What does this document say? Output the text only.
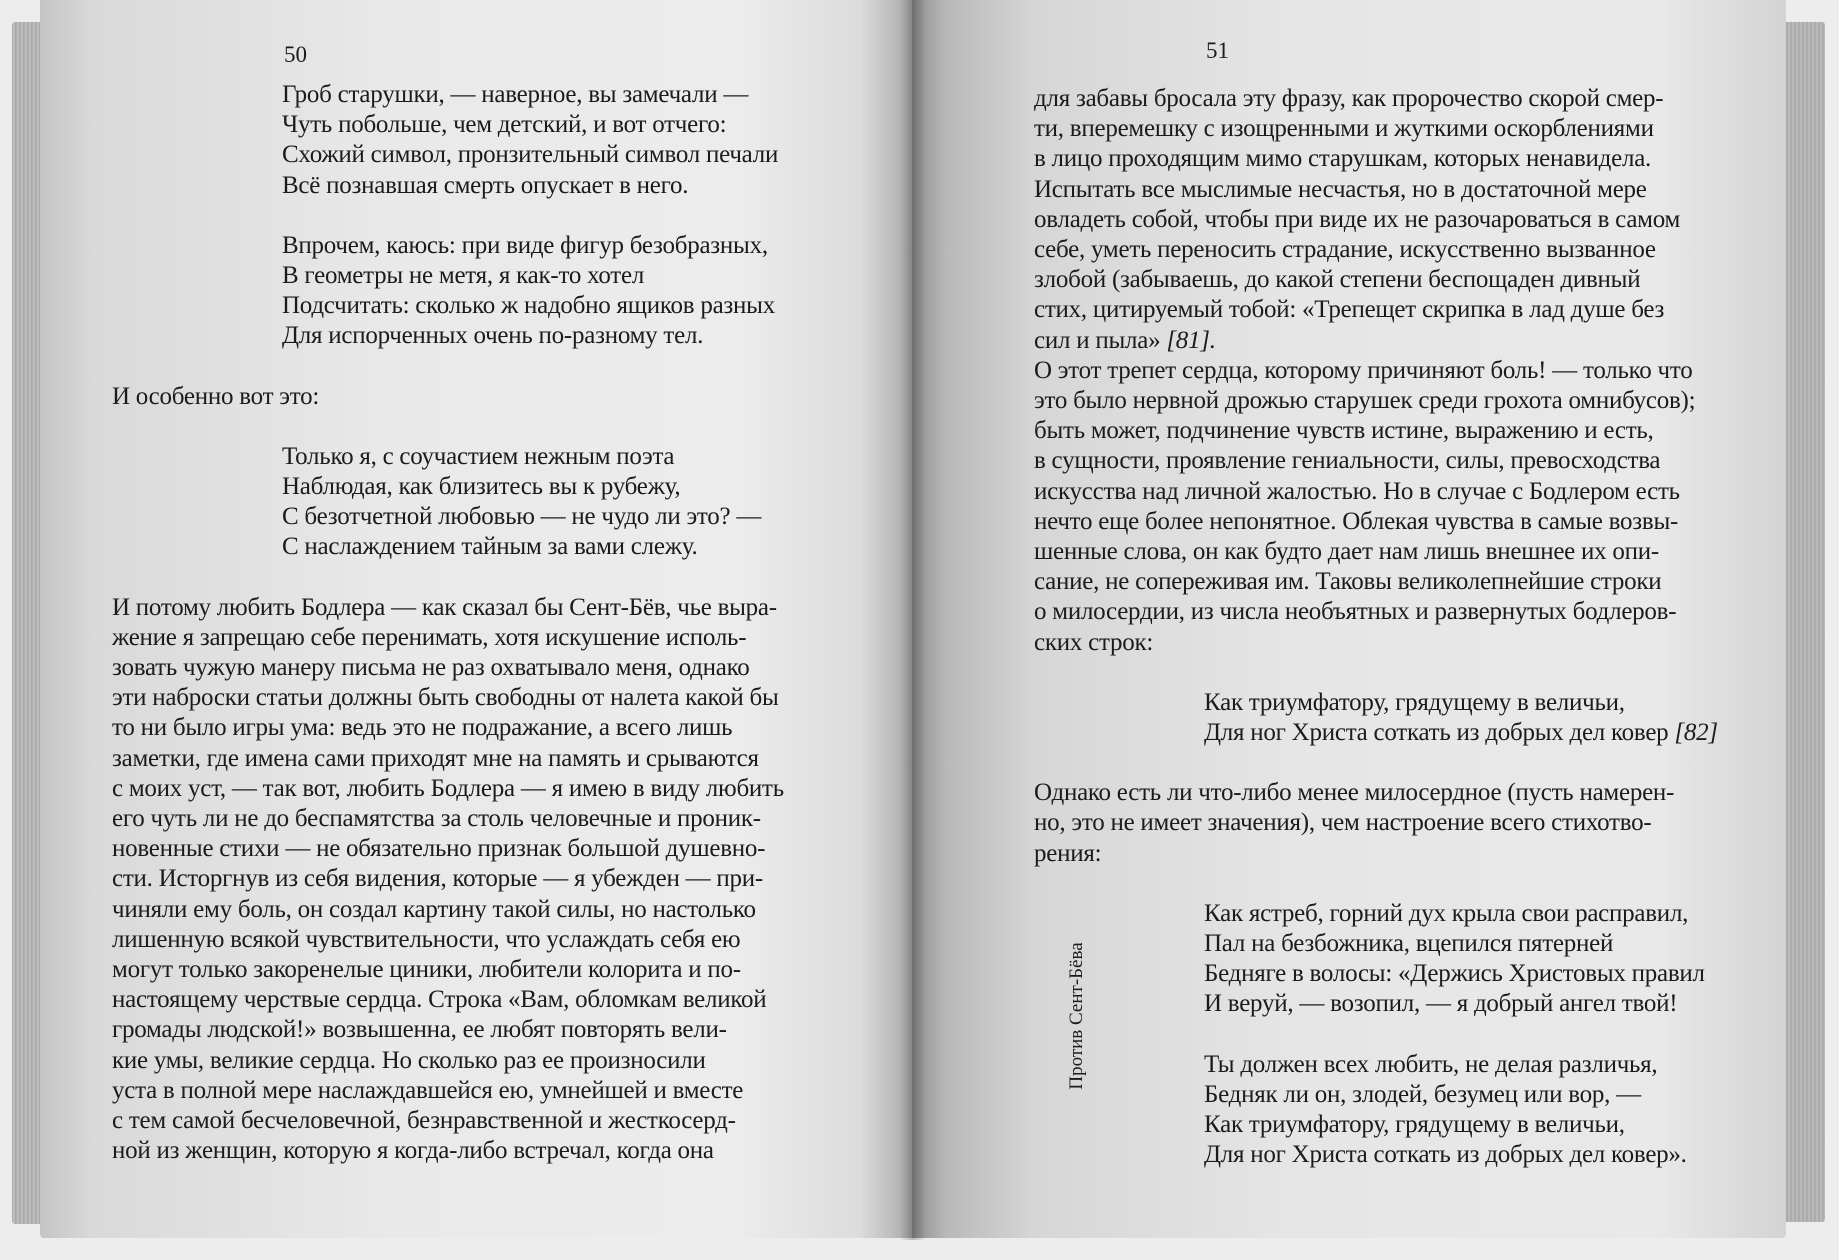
50

Гроб старушки, — наверное, вы замечали —

Чуть побольше, чем детский, и вот отчего:

Схожий символ, пронзительный символ печали

Всё познавшая смерть опускает в него.

Впрочем, каюсь: при виде фигур безобразных,

В геометры не метя, я как-то хотел

Подсчитать: сколько ж надобно ящиков разных

Для испорченных очень по-разному тел.

И особенно вот это:

Только я, с соучастием нежным поэта

Наблюдая, как близитесь вы к рубежу,

С безотчетной любовью — не чудо ли это? —

С наслаждением тайным за вами слежу.

И потому любить Бодлера — как сказал бы Сент-Бёв, чье выра-

жение я запрещаю себе перенимать, хотя искушение исполь-

зовать чужую манеру письма не раз охватывало меня, однако

эти наброски статьи должны быть свободны от налета какой бы

то ни было игры ума: ведь это не подражание, а всего лишь

заметки, где имена сами приходят мне на память и срываются

с моих уст, — так вот, любить Бодлера — я имею в виду любить

его чуть ли не до беспамятства за столь человечные и проник-

новенные стихи — не обязательно признак большой душевно-

сти. Исторгнув из себя видения, которые — я убежден — при-

чиняли ему боль, он создал картину такой силы, но настолько

лишенную всякой чувствительности, что услаждать себя ею

могут только закоренелые циники, любители колорита и по-

настоящему черствые сердца. Строка «Вам, обломкам великой

громады людской!» возвышенна, ее любят повторять вели-

кие умы, великие сердца. Но сколько раз ее произносили

уста в полной мере наслаждавшейся ею, умнейшей и вместе

с тем самой бесчеловечной, безнравственной и жесткосерд-

ной из женщин, которую я когда-либо встречал, когда она

51
Против Сент-Бёва

для забавы бросала эту фразу, как пророчество скорой смер-

ти, вперемешку с изощренными и жуткими оскорблениями

в лицо проходящим мимо старушкам, которых ненавидела.

Испытать все мыслимые несчастья, но в достаточной мере

овладеть собой, чтобы при виде их не разочароваться в самом

себе, уметь переносить страдание, искусственно вызванное

злобой (забываешь, до какой степени беспощаден дивный

стих, цитируемый тобой: «Трепещет скрипка в лад душе без

сил и пыла» [81].

О этот трепет сердца, которому причиняют боль! — только что

это было нервной дрожью старушек среди грохота омнибусов);

быть может, подчинение чувств истине, выражению и есть,

в сущности, проявление гениальности, силы, превосходства

искусства над личной жалостью. Но в случае с Бодлером есть

нечто еще более непонятное. Облекая чувства в самые возвы-

шенные слова, он как будто дает нам лишь внешнее их опи-

сание, не сопереживая им. Таковы великолепнейшие строки

о милосердии, из числа необъятных и развернутых бодлеров-

ских строк:

Как триумфатору, грядущему в величьи,

Для ног Христа соткать из добрых дел ковер [82]

Однако есть ли что-либо менее милосердное (пусть намерен-

но, это не имеет значения), чем настроение всего стихотво-

рения:

Как ястреб, горний дух крыла свои расправил,

Пал на безбожника, вцепился пятерней

Бедняге в волосы: «Держись Христовых правил

И веруй, — возопил, — я добрый ангел твой!

Ты должен всех любить, не делая различья,

Бедняк ли он, злодей, безумец или вор, —

Как триумфатору, грядущему в величьи,

Для ног Христа соткать из добрых дел ковер».
